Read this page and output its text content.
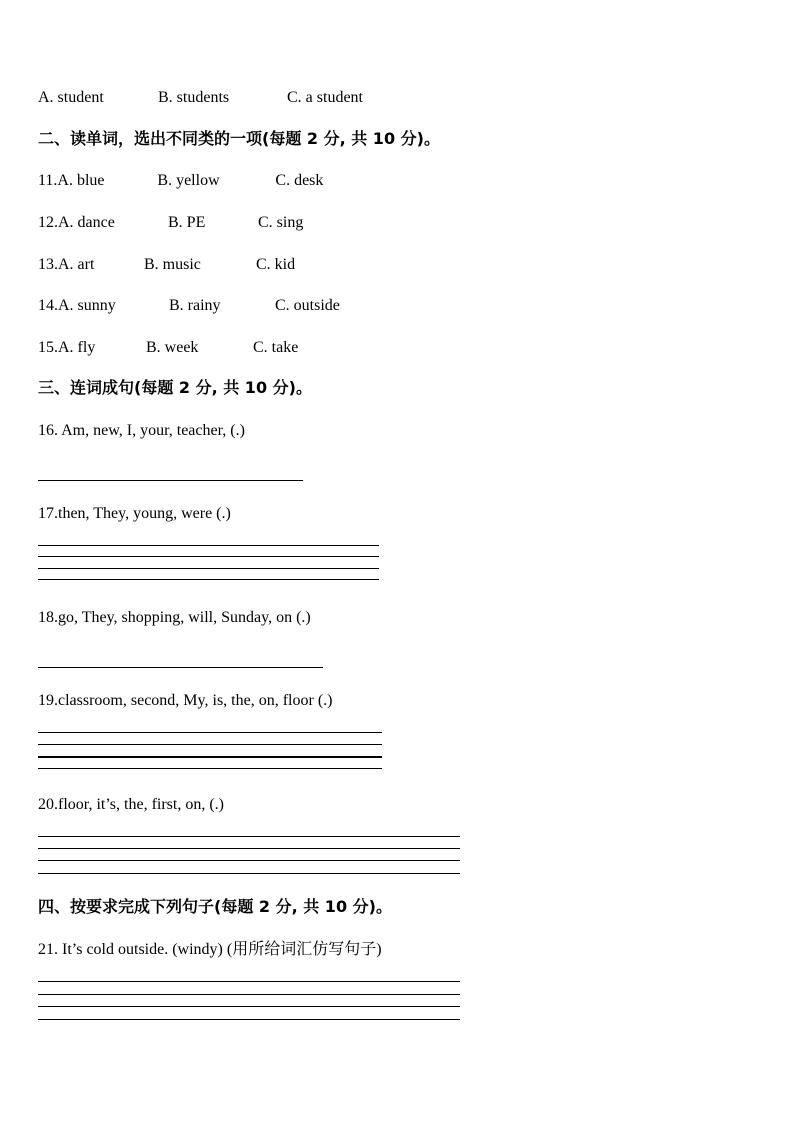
A. student	B. students	C. a student
二、读单词，选出不同类的一项(每题 2 分, 共 10 分)。
11.A. blue	B. yellow	C. desk
12.A. dance	B. PE	C. sing
13.A. art	B. music	C. kid
14.A. sunny	B. rainy	C. outside
15.A. fly	B. week	C. take
三、连词成句(每题 2 分, 共 10 分)。
16. Am, new, I, your, teacher, (.)
17.then, They, young, were (.)
18.go, They, shopping, will, Sunday, on (.)
19.classroom, second, My, is, the, on, floor (.)
20.floor, it’s, the, first, on, (.)
四、按要求完成下列句子(每题 2 分, 共 10 分)。
21. It’s cold outside. (windy) (用所给词汇仿写句子)
